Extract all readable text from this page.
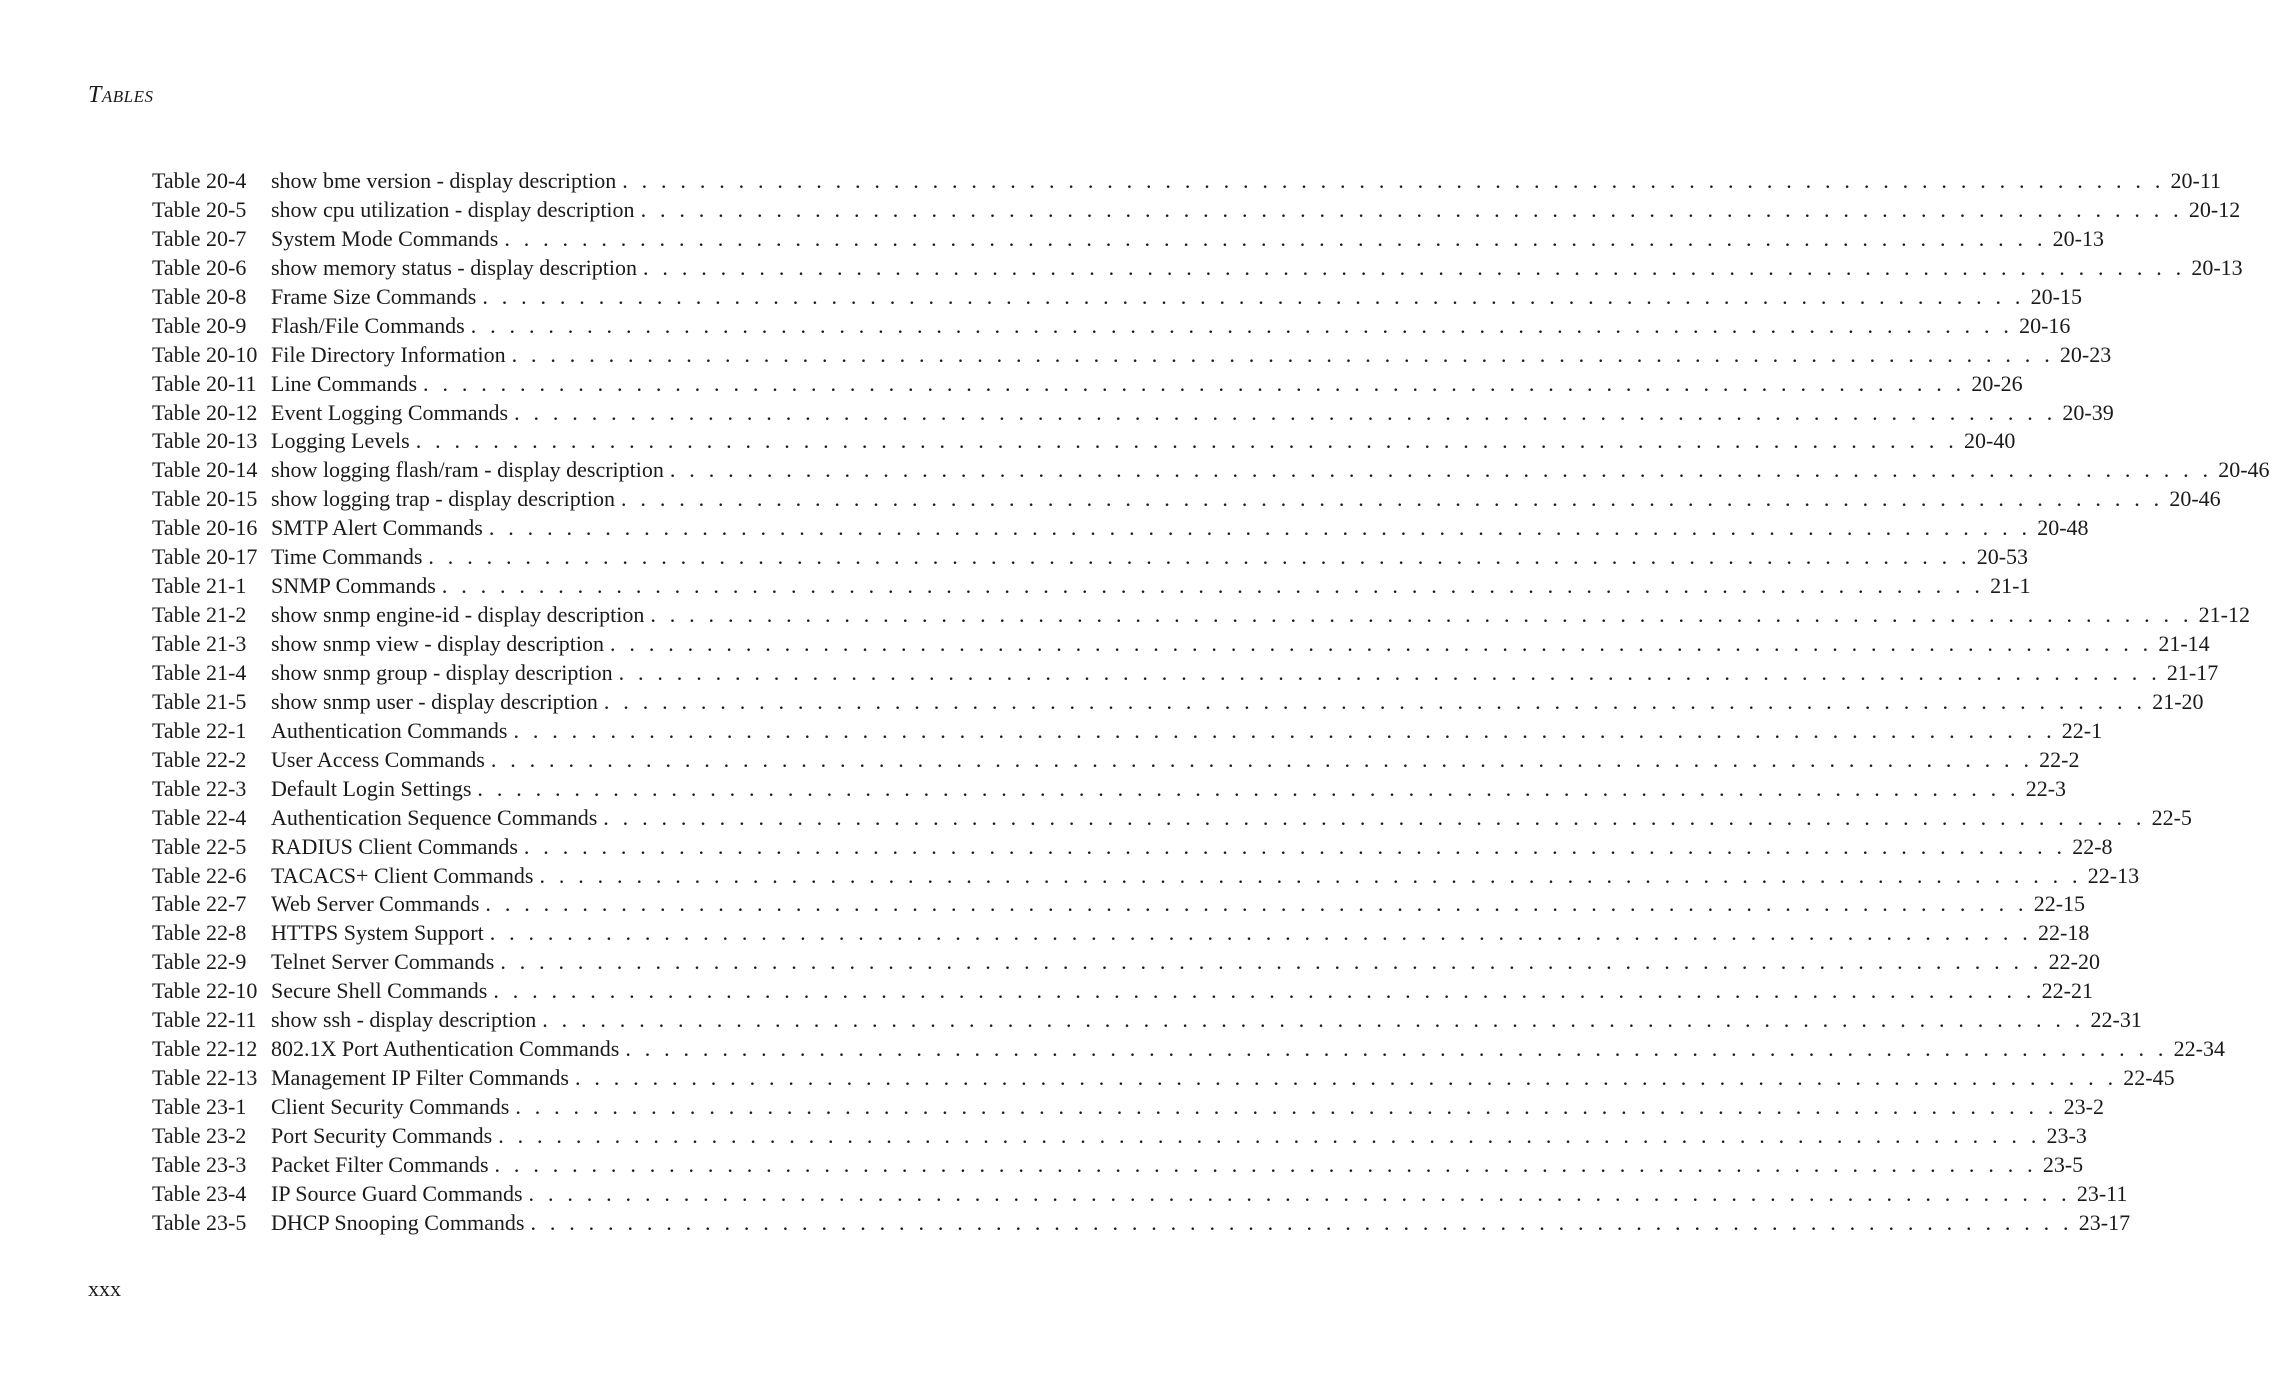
Tables
Table 20-4	show bme version - display description . . . . . . . . . . . . . . . . . . . . . . . . . . . . . . . . . . . . . . . . . . . . . . . . . . . . . . . . . . . . . . . . . . . . . . . . . . . . . . . . 20-11
Table 20-5	show cpu utilization - display description . . . . . . . . . . . . . . . . . . . . . . . . . . . . . . . . . . . . . . . . . . . . . . . . . . . . . . . . . . . . . . . . . . . . . . . . . . . . . . . . 20-12
Table 20-7	System Mode Commands . . . . . . . . . . . . . . . . . . . . . . . . . . . . . . . . . . . . . . . . . . . . . . . . . . . . . . . . . . . . . . . . . . . . . . . . . . . . . . . . 20-13
Table 20-6	show memory status - display description . . . . . . . . . . . . . . . . . . . . . . . . . . . . . . . . . . . . . . . . . . . . . . . . . . . . . . . . . . . . . . . . . . . . . . . . . . . . . . . . 20-13
Table 20-8	Frame Size Commands . . . . . . . . . . . . . . . . . . . . . . . . . . . . . . . . . . . . . . . . . . . . . . . . . . . . . . . . . . . . . . . . . . . . . . . . . . . . . . . . 20-15
Table 20-9	Flash/File Commands . . . . . . . . . . . . . . . . . . . . . . . . . . . . . . . . . . . . . . . . . . . . . . . . . . . . . . . . . . . . . . . . . . . . . . . . . . . . . . . . 20-16
Table 20-10 File Directory Information . . . . . . . . . . . . . . . . . . . . . . . . . . . . . . . . . . . . . . . . . . . . . . . . . . . . . . . . . . . . . . . . . . . . . . . . . . . . . . . . 20-23
Table 20-11 Line Commands . . . . . . . . . . . . . . . . . . . . . . . . . . . . . . . . . . . . . . . . . . . . . . . . . . . . . . . . . . . . . . . . . . . . . . . . . . . . . . . . 20-26
Table 20-12 Event Logging Commands . . . . . . . . . . . . . . . . . . . . . . . . . . . . . . . . . . . . . . . . . . . . . . . . . . . . . . . . . . . . . . . . . . . . . . . . . . . . . . . . 20-39
Table 20-13 Logging Levels . . . . . . . . . . . . . . . . . . . . . . . . . . . . . . . . . . . . . . . . . . . . . . . . . . . . . . . . . . . . . . . . . . . . . . . . . . . . . . . . 20-40
Table 20-14 show logging flash/ram - display description . . . . . . . . . . . . . . . . . . . . . . . . . . . . . . . . . . . . . . . . . . . . . . . . . . . . . . . . . . . . . . . . . . . . . . . . . . . . . . . . 20-46
Table 20-15 show logging trap - display description . . . . . . . . . . . . . . . . . . . . . . . . . . . . . . . . . . . . . . . . . . . . . . . . . . . . . . . . . . . . . . . . . . . . . . . . . . . . . . . . 20-46
Table 20-16 SMTP Alert Commands . . . . . . . . . . . . . . . . . . . . . . . . . . . . . . . . . . . . . . . . . . . . . . . . . . . . . . . . . . . . . . . . . . . . . . . . . . . . . . . . 20-48
Table 20-17 Time Commands . . . . . . . . . . . . . . . . . . . . . . . . . . . . . . . . . . . . . . . . . . . . . . . . . . . . . . . . . . . . . . . . . . . . . . . . . . . . . . . . 20-53
Table 21-1	SNMP Commands . . . . . . . . . . . . . . . . . . . . . . . . . . . . . . . . . . . . . . . . . . . . . . . . . . . . . . . . . . . . . . . . . . . . . . . . . . . . . . . . 21-1
Table 21-2	show snmp engine-id - display description . . . . . . . . . . . . . . . . . . . . . . . . . . . . . . . . . . . . . . . . . . . . . . . . . . . . . . . . . . . . . . . . . . . . . . . . . . . . . . . . 21-12
Table 21-3	show snmp view - display description . . . . . . . . . . . . . . . . . . . . . . . . . . . . . . . . . . . . . . . . . . . . . . . . . . . . . . . . . . . . . . . . . . . . . . . . . . . . . . . . 21-14
Table 21-4	show snmp group - display description . . . . . . . . . . . . . . . . . . . . . . . . . . . . . . . . . . . . . . . . . . . . . . . . . . . . . . . . . . . . . . . . . . . . . . . . . . . . . . . . 21-17
Table 21-5	show snmp user - display description . . . . . . . . . . . . . . . . . . . . . . . . . . . . . . . . . . . . . . . . . . . . . . . . . . . . . . . . . . . . . . . . . . . . . . . . . . . . . . . . 21-20
Table 22-1	Authentication Commands . . . . . . . . . . . . . . . . . . . . . . . . . . . . . . . . . . . . . . . . . . . . . . . . . . . . . . . . . . . . . . . . . . . . . . . . . . . . . . . . 22-1
Table 22-2	User Access Commands . . . . . . . . . . . . . . . . . . . . . . . . . . . . . . . . . . . . . . . . . . . . . . . . . . . . . . . . . . . . . . . . . . . . . . . . . . . . . . . . 22-2
Table 22-3	Default Login Settings . . . . . . . . . . . . . . . . . . . . . . . . . . . . . . . . . . . . . . . . . . . . . . . . . . . . . . . . . . . . . . . . . . . . . . . . . . . . . . . . 22-3
Table 22-4	Authentication Sequence Commands . . . . . . . . . . . . . . . . . . . . . . . . . . . . . . . . . . . . . . . . . . . . . . . . . . . . . . . . . . . . . . . . . . . . . . . . . . . . . . . . 22-5
Table 22-5	RADIUS Client Commands . . . . . . . . . . . . . . . . . . . . . . . . . . . . . . . . . . . . . . . . . . . . . . . . . . . . . . . . . . . . . . . . . . . . . . . . . . . . . . . . 22-8
Table 22-6	TACACS+ Client Commands . . . . . . . . . . . . . . . . . . . . . . . . . . . . . . . . . . . . . . . . . . . . . . . . . . . . . . . . . . . . . . . . . . . . . . . . . . . . . . . . 22-13
Table 22-7	Web Server Commands . . . . . . . . . . . . . . . . . . . . . . . . . . . . . . . . . . . . . . . . . . . . . . . . . . . . . . . . . . . . . . . . . . . . . . . . . . . . . . . . 22-15
Table 22-8	HTTPS System Support . . . . . . . . . . . . . . . . . . . . . . . . . . . . . . . . . . . . . . . . . . . . . . . . . . . . . . . . . . . . . . . . . . . . . . . . . . . . . . . . 22-18
Table 22-9	Telnet Server Commands . . . . . . . . . . . . . . . . . . . . . . . . . . . . . . . . . . . . . . . . . . . . . . . . . . . . . . . . . . . . . . . . . . . . . . . . . . . . . . . . 22-20
Table 22-10 Secure Shell Commands . . . . . . . . . . . . . . . . . . . . . . . . . . . . . . . . . . . . . . . . . . . . . . . . . . . . . . . . . . . . . . . . . . . . . . . . . . . . . . . . 22-21
Table 22-11 show ssh - display description . . . . . . . . . . . . . . . . . . . . . . . . . . . . . . . . . . . . . . . . . . . . . . . . . . . . . . . . . . . . . . . . . . . . . . . . . . . . . . . . 22-31
Table 22-12 802.1X Port Authentication Commands . . . . . . . . . . . . . . . . . . . . . . . . . . . . . . . . . . . . . . . . . . . . . . . . . . . . . . . . . . . . . . . . . . . . . . . . . . . . . . . . 22-34
Table 22-13 Management IP Filter Commands . . . . . . . . . . . . . . . . . . . . . . . . . . . . . . . . . . . . . . . . . . . . . . . . . . . . . . . . . . . . . . . . . . . . . . . . . . . . . . . . 22-45
Table 23-1	Client Security Commands . . . . . . . . . . . . . . . . . . . . . . . . . . . . . . . . . . . . . . . . . . . . . . . . . . . . . . . . . . . . . . . . . . . . . . . . . . . . . . . . 23-2
Table 23-2	Port Security Commands . . . . . . . . . . . . . . . . . . . . . . . . . . . . . . . . . . . . . . . . . . . . . . . . . . . . . . . . . . . . . . . . . . . . . . . . . . . . . . . . 23-3
Table 23-3	Packet Filter Commands . . . . . . . . . . . . . . . . . . . . . . . . . . . . . . . . . . . . . . . . . . . . . . . . . . . . . . . . . . . . . . . . . . . . . . . . . . . . . . . . 23-5
Table 23-4	IP Source Guard Commands . . . . . . . . . . . . . . . . . . . . . . . . . . . . . . . . . . . . . . . . . . . . . . . . . . . . . . . . . . . . . . . . . . . . . . . . . . . . . . . . 23-11
Table 23-5	DHCP Snooping Commands . . . . . . . . . . . . . . . . . . . . . . . . . . . . . . . . . . . . . . . . . . . . . . . . . . . . . . . . . . . . . . . . . . . . . . . . . . . . . . . . 23-17
xxx
